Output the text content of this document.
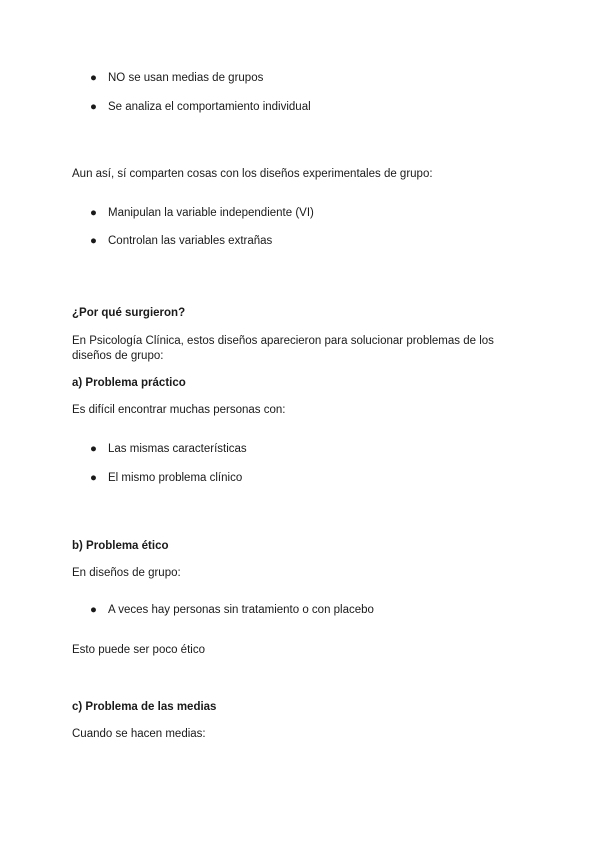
● NO se usan medias de grupos
● Se analiza el comportamiento individual
Aun así, sí comparten cosas con los diseños experimentales de grupo:
● Manipulan la variable independiente (VI)
● Controlan las variables extrañas
¿Por qué surgieron?
En Psicología Clínica, estos diseños aparecieron para solucionar problemas de los diseños de grupo:
a) Problema práctico
Es difícil encontrar muchas personas con:
● Las mismas características
● El mismo problema clínico
b) Problema ético
En diseños de grupo:
● A veces hay personas sin tratamiento o con placebo
Esto puede ser poco ético
c) Problema de las medias
Cuando se hacen medias:
